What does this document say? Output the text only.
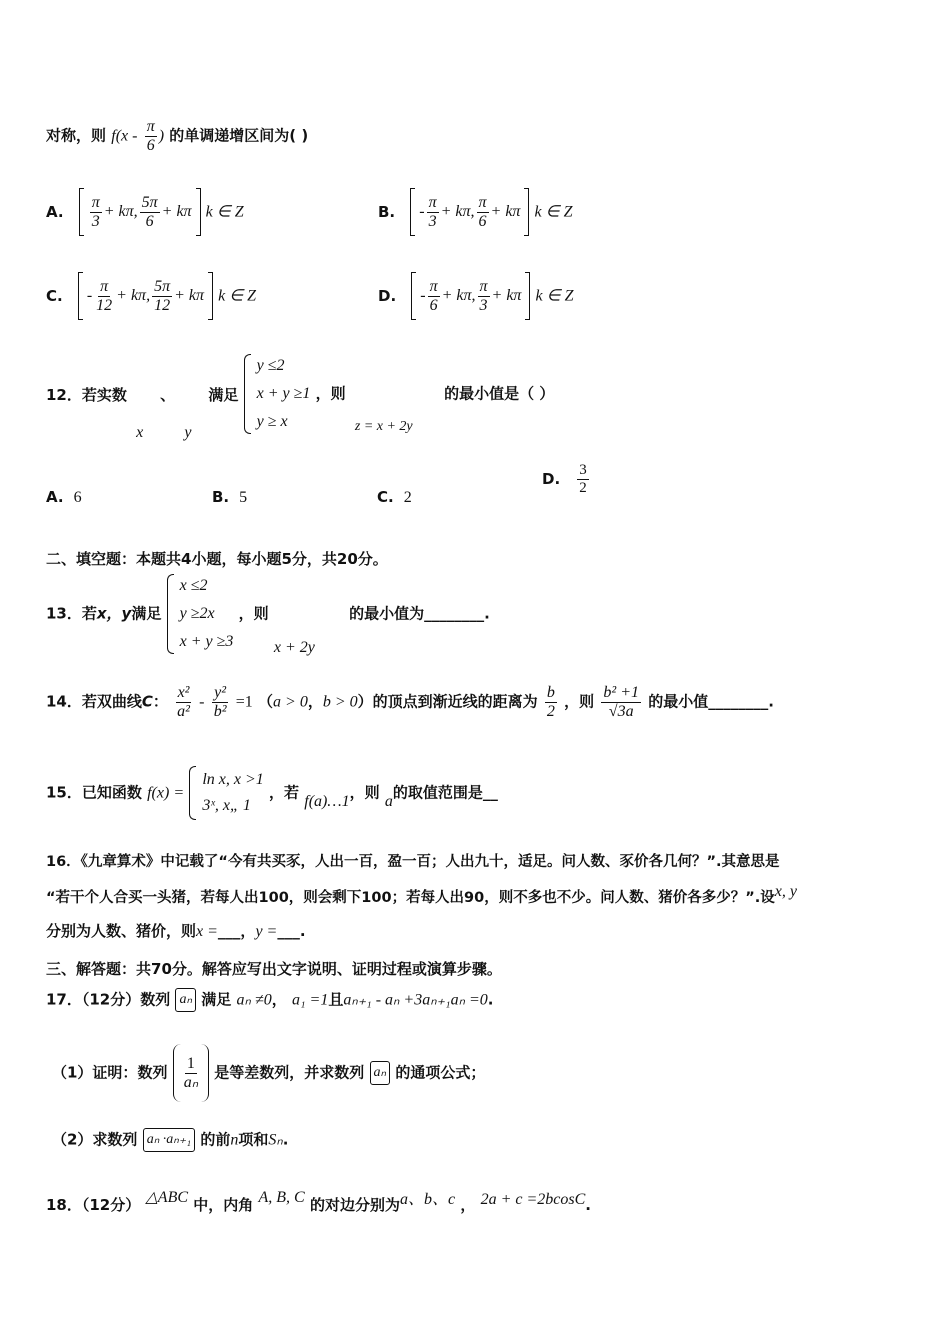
对称，则 $f(x - \frac{\pi}{6}$ ) 的单调递增区间为( )
A. $\frac{\pi}{3} + k\pi$ , $\frac{5\pi}{6} + k\pi$ k ∈ Z	B. - $\frac{\pi}{3} + k\pi$ , $\frac{\pi}{6} + k\pi$ k ∈ Z
C. - $\frac{\pi}{12} + k\pi$ , $\frac{5\pi}{12} + k\pi$ k ∈ Z	D. - $\frac{\pi}{6} + k\pi$ , $\frac{\pi}{3} + k\pi$ k ∈ Z
12．若实数
x
、
y
满足
y ≤2
x + y ≥1
y ≥ x
，则
z = x + 2y
的最小值是（ ）
A. 6	B. 5	C. 2
D. $\frac{3}{2}$
二、填空题：本题共4小题，每小题5分，共20分。
13．若x，y满足
x ≤2
y ≥2x
x + y ≥3
，则
x + 2y
的最小值为________.
14．若双曲线C： $\frac{\text{x²}}{\text{a²}} - \frac{\text{y²}}{\text{b²}} =1$ （a > 0，b > 0）的顶点到渐近线的距离为 $\frac{b}{2}$ ，则 $\frac{\text{b² +1}}{√3a}$ 的最小值________.
15．已知函数 f(x) =
ln x, x >1
3ˣ, x„ 1
，若 f(a)…1，则 a的取值范围是__
16．《九章算术》中记载了“今有共买豕，人出一百，盈一百；人出九十，适足。问人数、豕价各几何？”.其意思是
“若干个人合买一头猪，若每人出100，则会剩下100；若每人出90，则不多也不少。问人数、猪价各多少？”.设x, y
分别为人数、猪价，则x =___，y =___.
三、解答题：共70分。解答应写出文字说明、证明过程或演算步骤。
17．（12分）数列 aₙ 满足 aₙ ≠0， a₁ =1且aₙ₊₁ - aₙ +3aₙ₊₁aₙ =0.
（1）证明：数列 $\frac{1}{\text{aₙ}}$ 是等差数列，并求数列 aₙ 的通项公式；
（2）求数列 aₙ ·aₙ₊₁ 的前n项和Sₙ.
18．（12分） △ABC 中，内角 A, B, C 的对边分别为a、b、c ， 2a + c =2bcosC.
